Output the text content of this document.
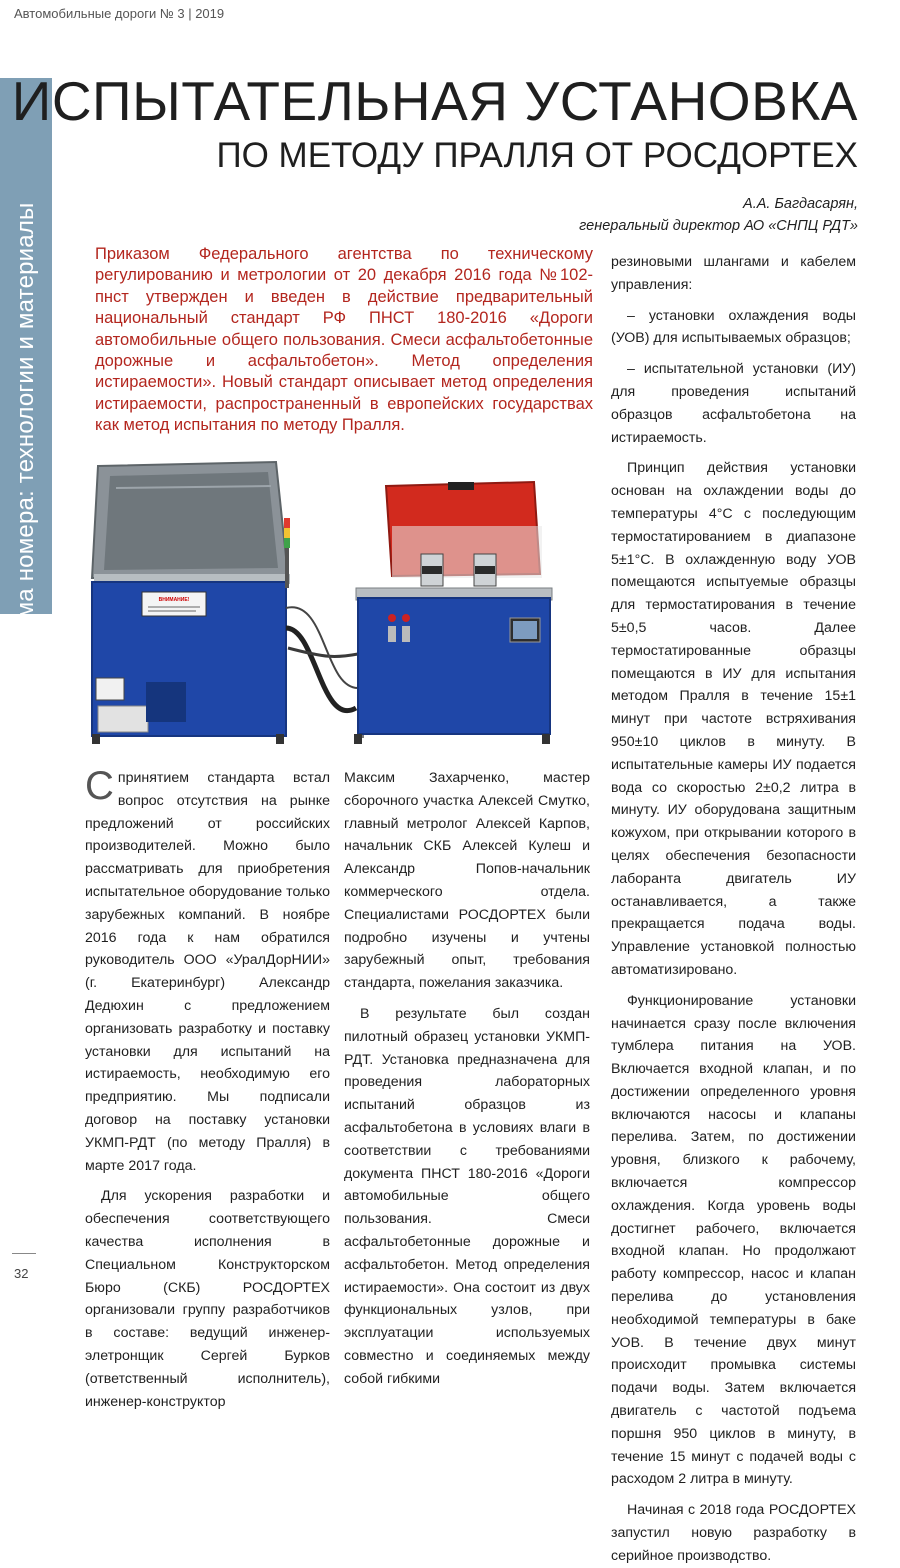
Автомобильные дороги № 3 | 2019
Тема номера: технологии и материалы
ИСПЫТАТЕЛЬНАЯ УСТАНОВКА
ПО МЕТОДУ ПРАЛЛЯ ОТ РОСДОРТЕХ
А.А. Багдасарян,
генеральный директор АО «СНПЦ РДТ»

Приказом Федерального агентства по техническому регулированию и метрологии от 20 декабря 2016 года №102-пнст утвержден и введен в действие предварительный национальный стандарт РФ ПНСТ 180-2016 «Дороги автомобильные общего пользования. Смеси асфальтобетонные дорожные и асфальтобетон». Метод определения истираемости». Новый стандарт описывает метод определения истираемости, распространенный в европейских государствах как метод испытания по методу Пралля.

ВНИМАНИЕ!

Спринятием стандарта встал вопрос отсутствия на рынке предложений от российских производителей. Можно было рассматривать для приобретения испытательное оборудование только зарубежных компаний. В ноябре 2016 года к нам обратился руководитель ООО «УралДорНИИ» (г. Екатеринбург) Александр Дедюхин с предложением организовать разработку и поставку установки для испытаний на истираемость, необходимую его предприятию. Мы подписали договор на поставку установки УКМП-РДТ (по методу Пралля) в марте 2017 года.

Для ускорения разработки и обеспечения соответствующего качества исполнения в Специальном Конструкторском Бюро (СКБ) РОСДОРТЕХ организовали группу разработчиков в составе: ведущий инженер-элетронщик Сергей Бурков (ответственный исполнитель), инженер-конструктор

Максим Захарченко, мастер сборочного участка Алексей Смутко, главный метролог Алексей Карпов, начальник СКБ Алексей Кулеш и Александр Попов-начальник коммерческого отдела. Специалистами РОСДОРТЕХ были подробно изучены и учтены зарубежный опыт, требования стандарта, пожелания заказчика.

В результате был создан пилотный образец установки УКМП-РДТ. Установка предназначена для проведения лабораторных испытаний образцов из асфальтобетона в условиях влаги в соответствии с требованиями документа ПНСТ 180-2016 «Дороги автомобильные общего пользования. Смеси асфальтобетонные дорожные и асфальтобетон. Метод определения истираемости». Она состоит из двух функциональных узлов, при эксплуатации используемых совместно и соединяемых между собой гибкими

резиновыми шлангами и кабелем управления:

– установки охлаждения воды (УОВ) для испытываемых образцов;

– испытательной установки (ИУ) для проведения испытаний образцов асфальтобетона на истираемость.

Принцип действия установки основан на охлаждении воды до температуры 4°С с последующим термостатированием в диапазоне 5±1°С. В охлажденную воду УОВ помещаются испытуемые образцы для термостатирования в течение 5±0,5 часов. Далее термостатированные образцы помещаются в ИУ для испытания методом Пралля в течение 15±1 минут при частоте встряхивания 950±10 циклов в минуту. В испытательные камеры ИУ подается вода со скоростью 2±0,2 литра в минуту. ИУ оборудована защитным кожухом, при открывании которого в целях обеспечения безопасности лаборанта двигатель ИУ останавливается, а также прекращается подача воды. Управление установкой полностью автоматизировано.

Функционирование установки начинается сразу после включения тумблера питания на УОВ. Включается входной клапан, и по достижении определенного уровня включаются насосы и клапаны перелива. Затем, по достижении уровня, близкого к рабочему, включается компрессор охлаждения. Когда уровень воды достигнет рабочего, включается входной клапан. Но продолжают работу компрессор, насос и клапан перелива до установления необходимой температуры в баке УОВ. В течение двух минут происходит промывка системы подачи воды. Затем включается двигатель с частотой подъема поршня 950 циклов в минуту, в течение 15 минут с подачей воды с расходом 2 литра в минуту.

Начиная с 2018 года РОСДОРТЕХ запустил новую разработку в серийное производство.

32
